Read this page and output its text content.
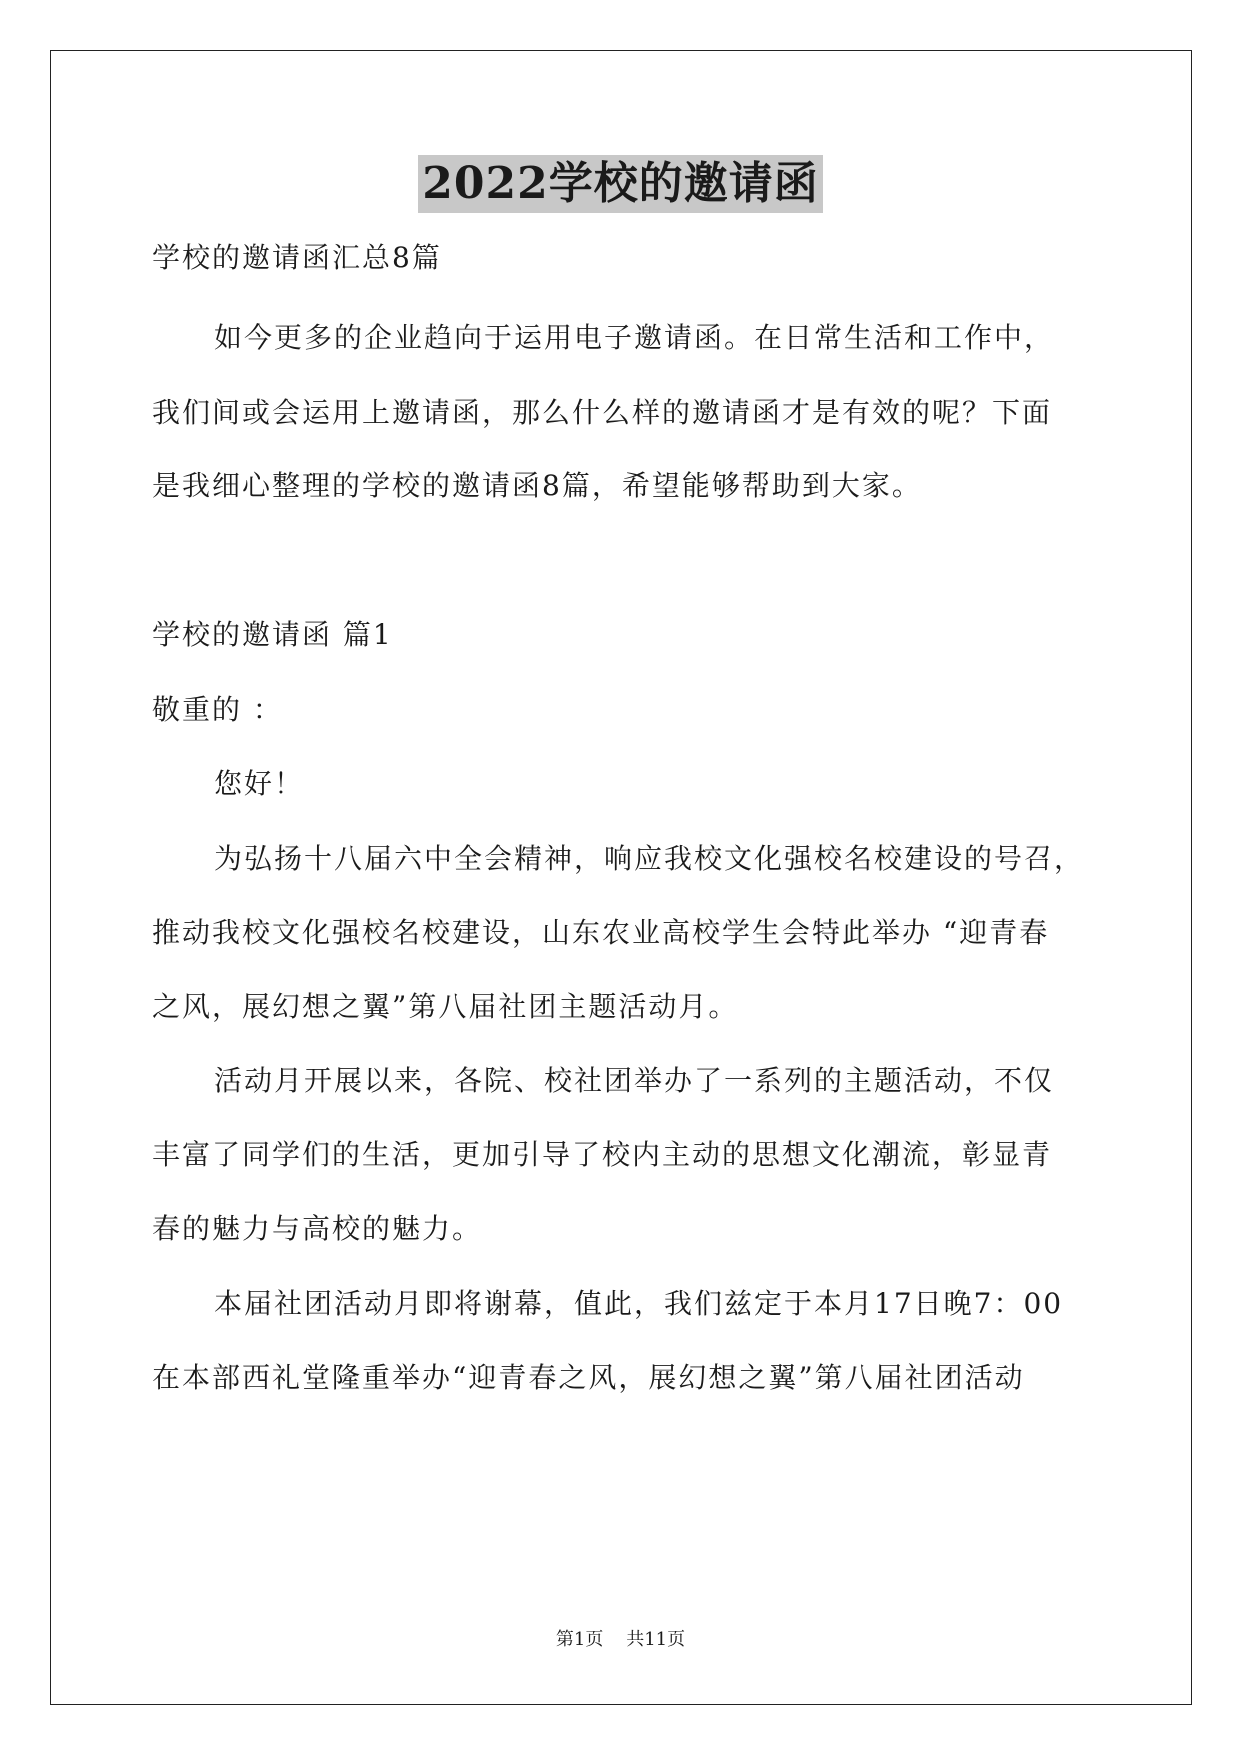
2022学校的邀请函
学校的邀请函汇总8篇
如今更多的企业趋向于运用电子邀请函。在日常生活和工作中，
我们间或会运用上邀请函，那么什么样的邀请函才是有效的呢？下面
是我细心整理的学校的邀请函8篇，希望能够帮助到大家。
学校的邀请函 篇1
敬重的 ：
您好！
为弘扬十八届六中全会精神，响应我校文化强校名校建设的号召，
推动我校文化强校名校建设，山东农业高校学生会特此举办 “迎青春
之风，展幻想之翼”第八届社团主题活动月。
活动月开展以来，各院、校社团举办了一系列的主题活动，不仅
丰富了同学们的生活，更加引导了校内主动的思想文化潮流，彰显青
春的魅力与高校的魅力。
本届社团活动月即将谢幕，值此，我们兹定于本月17日晚7：00
在本部西礼堂隆重举办“迎青春之风，展幻想之翼”第八届社团活动
第1页    共11页
